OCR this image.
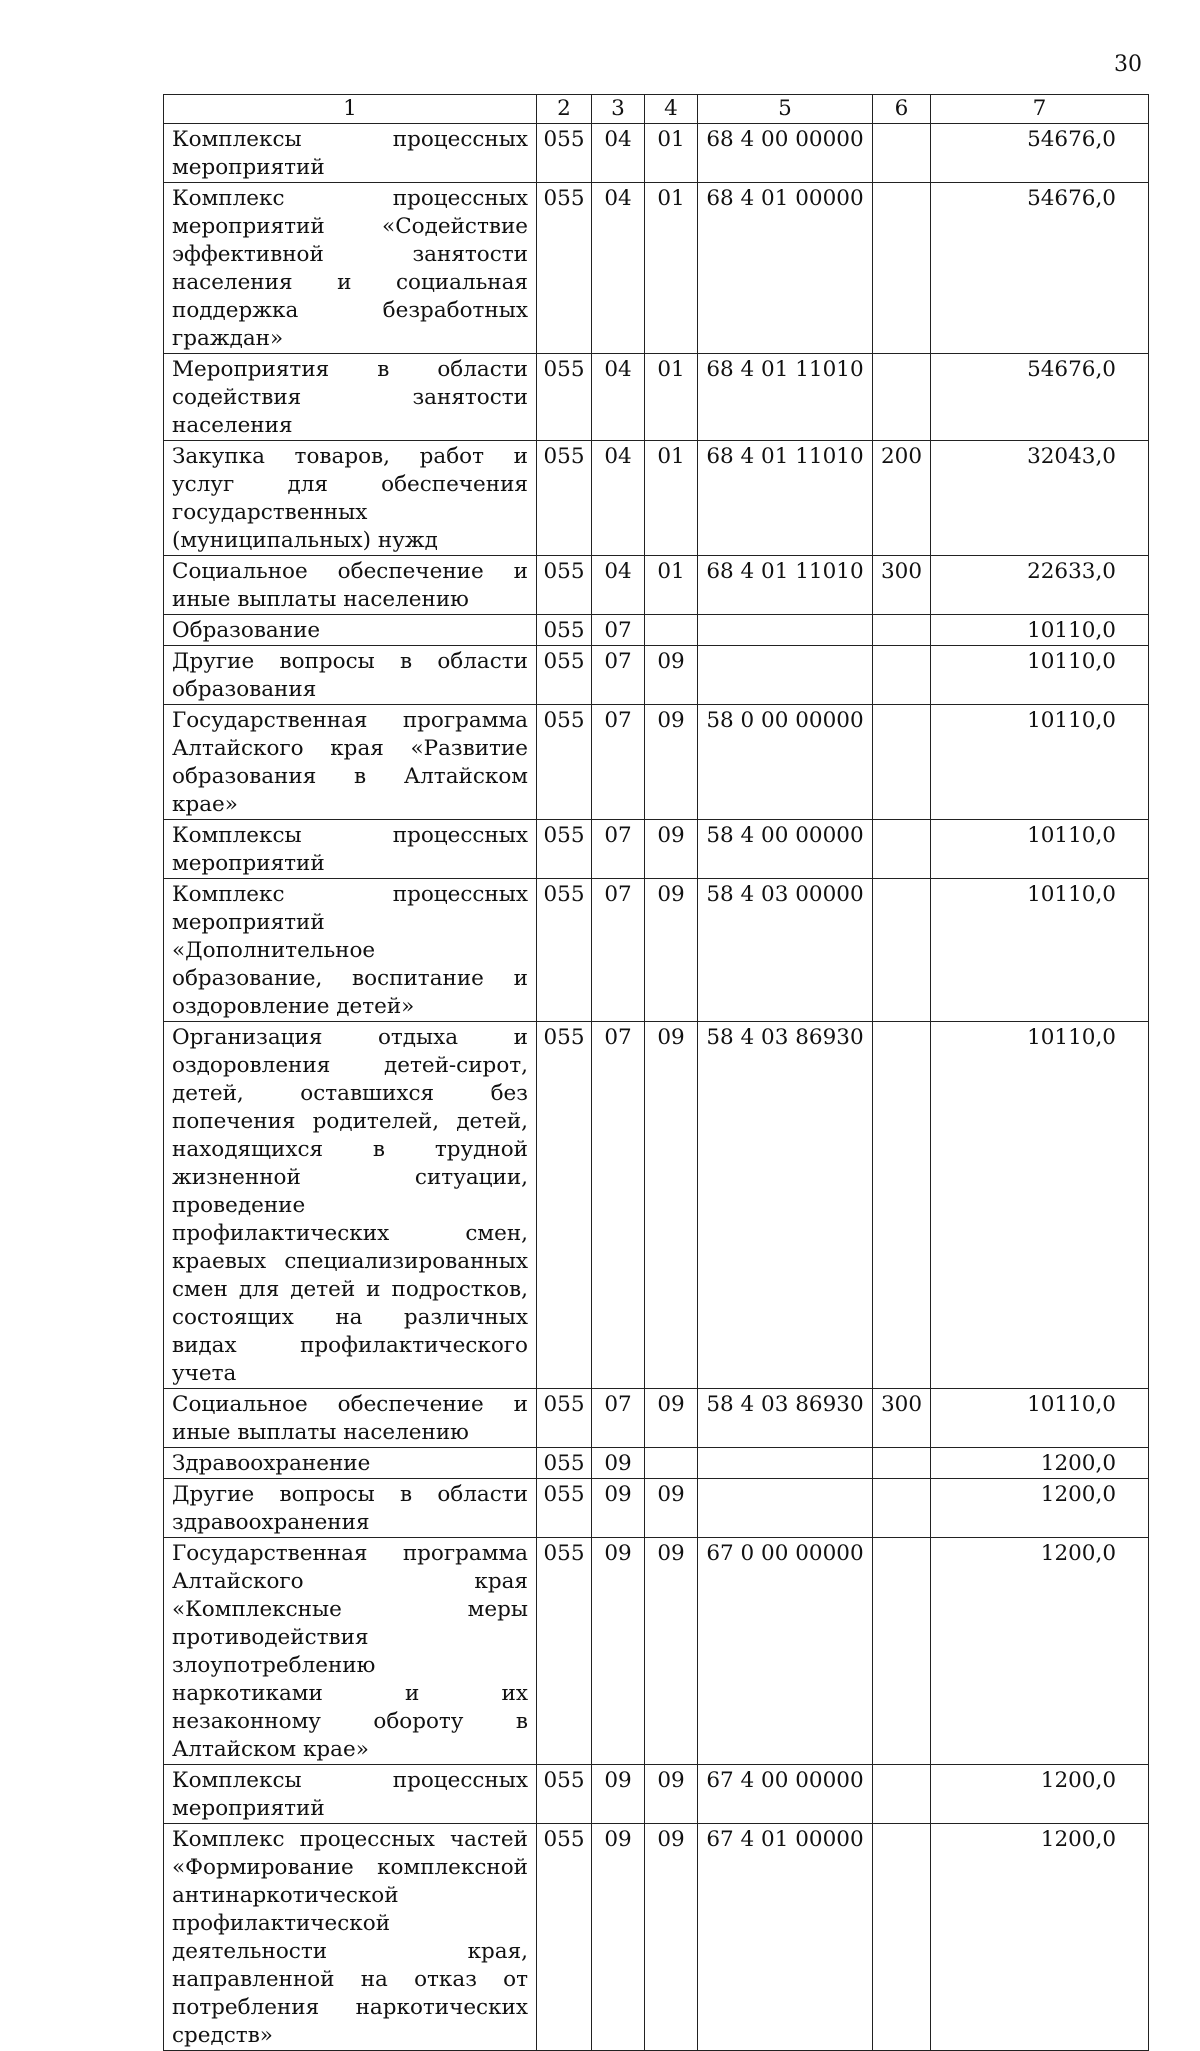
30
1	2	3	4	5	6	7
Комплексы процессных мероприятий	055	04	01	68 4 00 00000		54676,0
Комплекс процессных мероприятий «Содействие эффективной занятости населения и социальная поддержка безработных граждан»	055	04	01	68 4 01 00000		54676,0
Мероприятия в области содействия занятости населения	055	04	01	68 4 01 11010		54676,0
Закупка товаров, работ и услуг для обеспечения государственных (муниципальных) нужд	055	04	01	68 4 01 11010	200	32043,0
Социальное обеспечение и иные выплаты населению	055	04	01	68 4 01 11010	300	22633,0
Образование	055	07				10110,0
Другие вопросы в области образования	055	07	09			10110,0
Государственная программа Алтайского края «Развитие образования в Алтайском крае»	055	07	09	58 0 00 00000		10110,0
Комплексы процессных мероприятий	055	07	09	58 4 00 00000		10110,0
Комплекс процессных мероприятий «Дополнительное образование, воспитание и оздоровление детей»	055	07	09	58 4 03 00000		10110,0
Организация отдыха и оздоровления детей-сирот, детей, оставшихся без попечения родителей, детей, находящихся в трудной жизненной ситуации, проведение профилактических смен, краевых специализированных смен для детей и подростков, состоящих на различных видах профилактического учета	055	07	09	58 4 03 86930		10110,0
Социальное обеспечение и иные выплаты населению	055	07	09	58 4 03 86930	300	10110,0
Здравоохранение	055	09				1200,0
Другие вопросы в области здравоохранения	055	09	09			1200,0
Государственная программа Алтайского края «Комплексные меры противодействия злоупотреблению наркотиками и их незаконному обороту в Алтайском крае»	055	09	09	67 0 00 00000		1200,0
Комплексы процессных мероприятий	055	09	09	67 4 00 00000		1200,0
Комплекс процессных частей «Формирование комплексной антинаркотической профилактической деятельности края, направленной на отказ от потребления наркотических средств»	055	09	09	67 4 01 00000		1200,0
